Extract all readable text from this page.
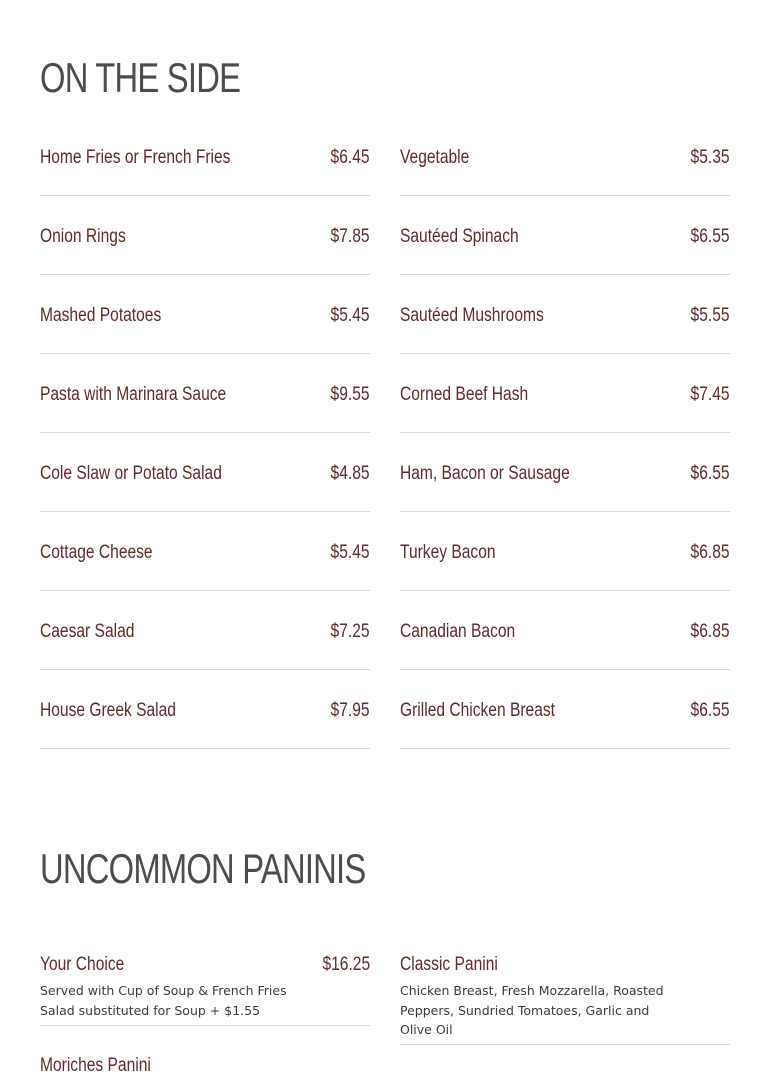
ON THE SIDE
Home Fries or French Fries	$6.45
Onion Rings	$7.85
Mashed Potatoes	$5.45
Pasta with Marinara Sauce	$9.55
Cole Slaw or Potato Salad	$4.85
Cottage Cheese	$5.45
Caesar Salad	$7.25
House Greek Salad	$7.95
Vegetable	$5.35
Sautéed Spinach	$6.55
Sautéed Mushrooms	$5.55
Corned Beef Hash	$7.45
Ham, Bacon or Sausage	$6.55
Turkey Bacon	$6.85
Canadian Bacon	$6.85
Grilled Chicken Breast	$6.55
UNCOMMON PANINIS
Your Choice	$16.25
Served with Cup of Soup & French Fries
Salad substituted for Soup + $1.55
Moriches Panini
Classic Panini
Chicken Breast, Fresh Mozzarella, Roasted
Peppers, Sundried Tomatoes, Garlic and
Olive Oil
